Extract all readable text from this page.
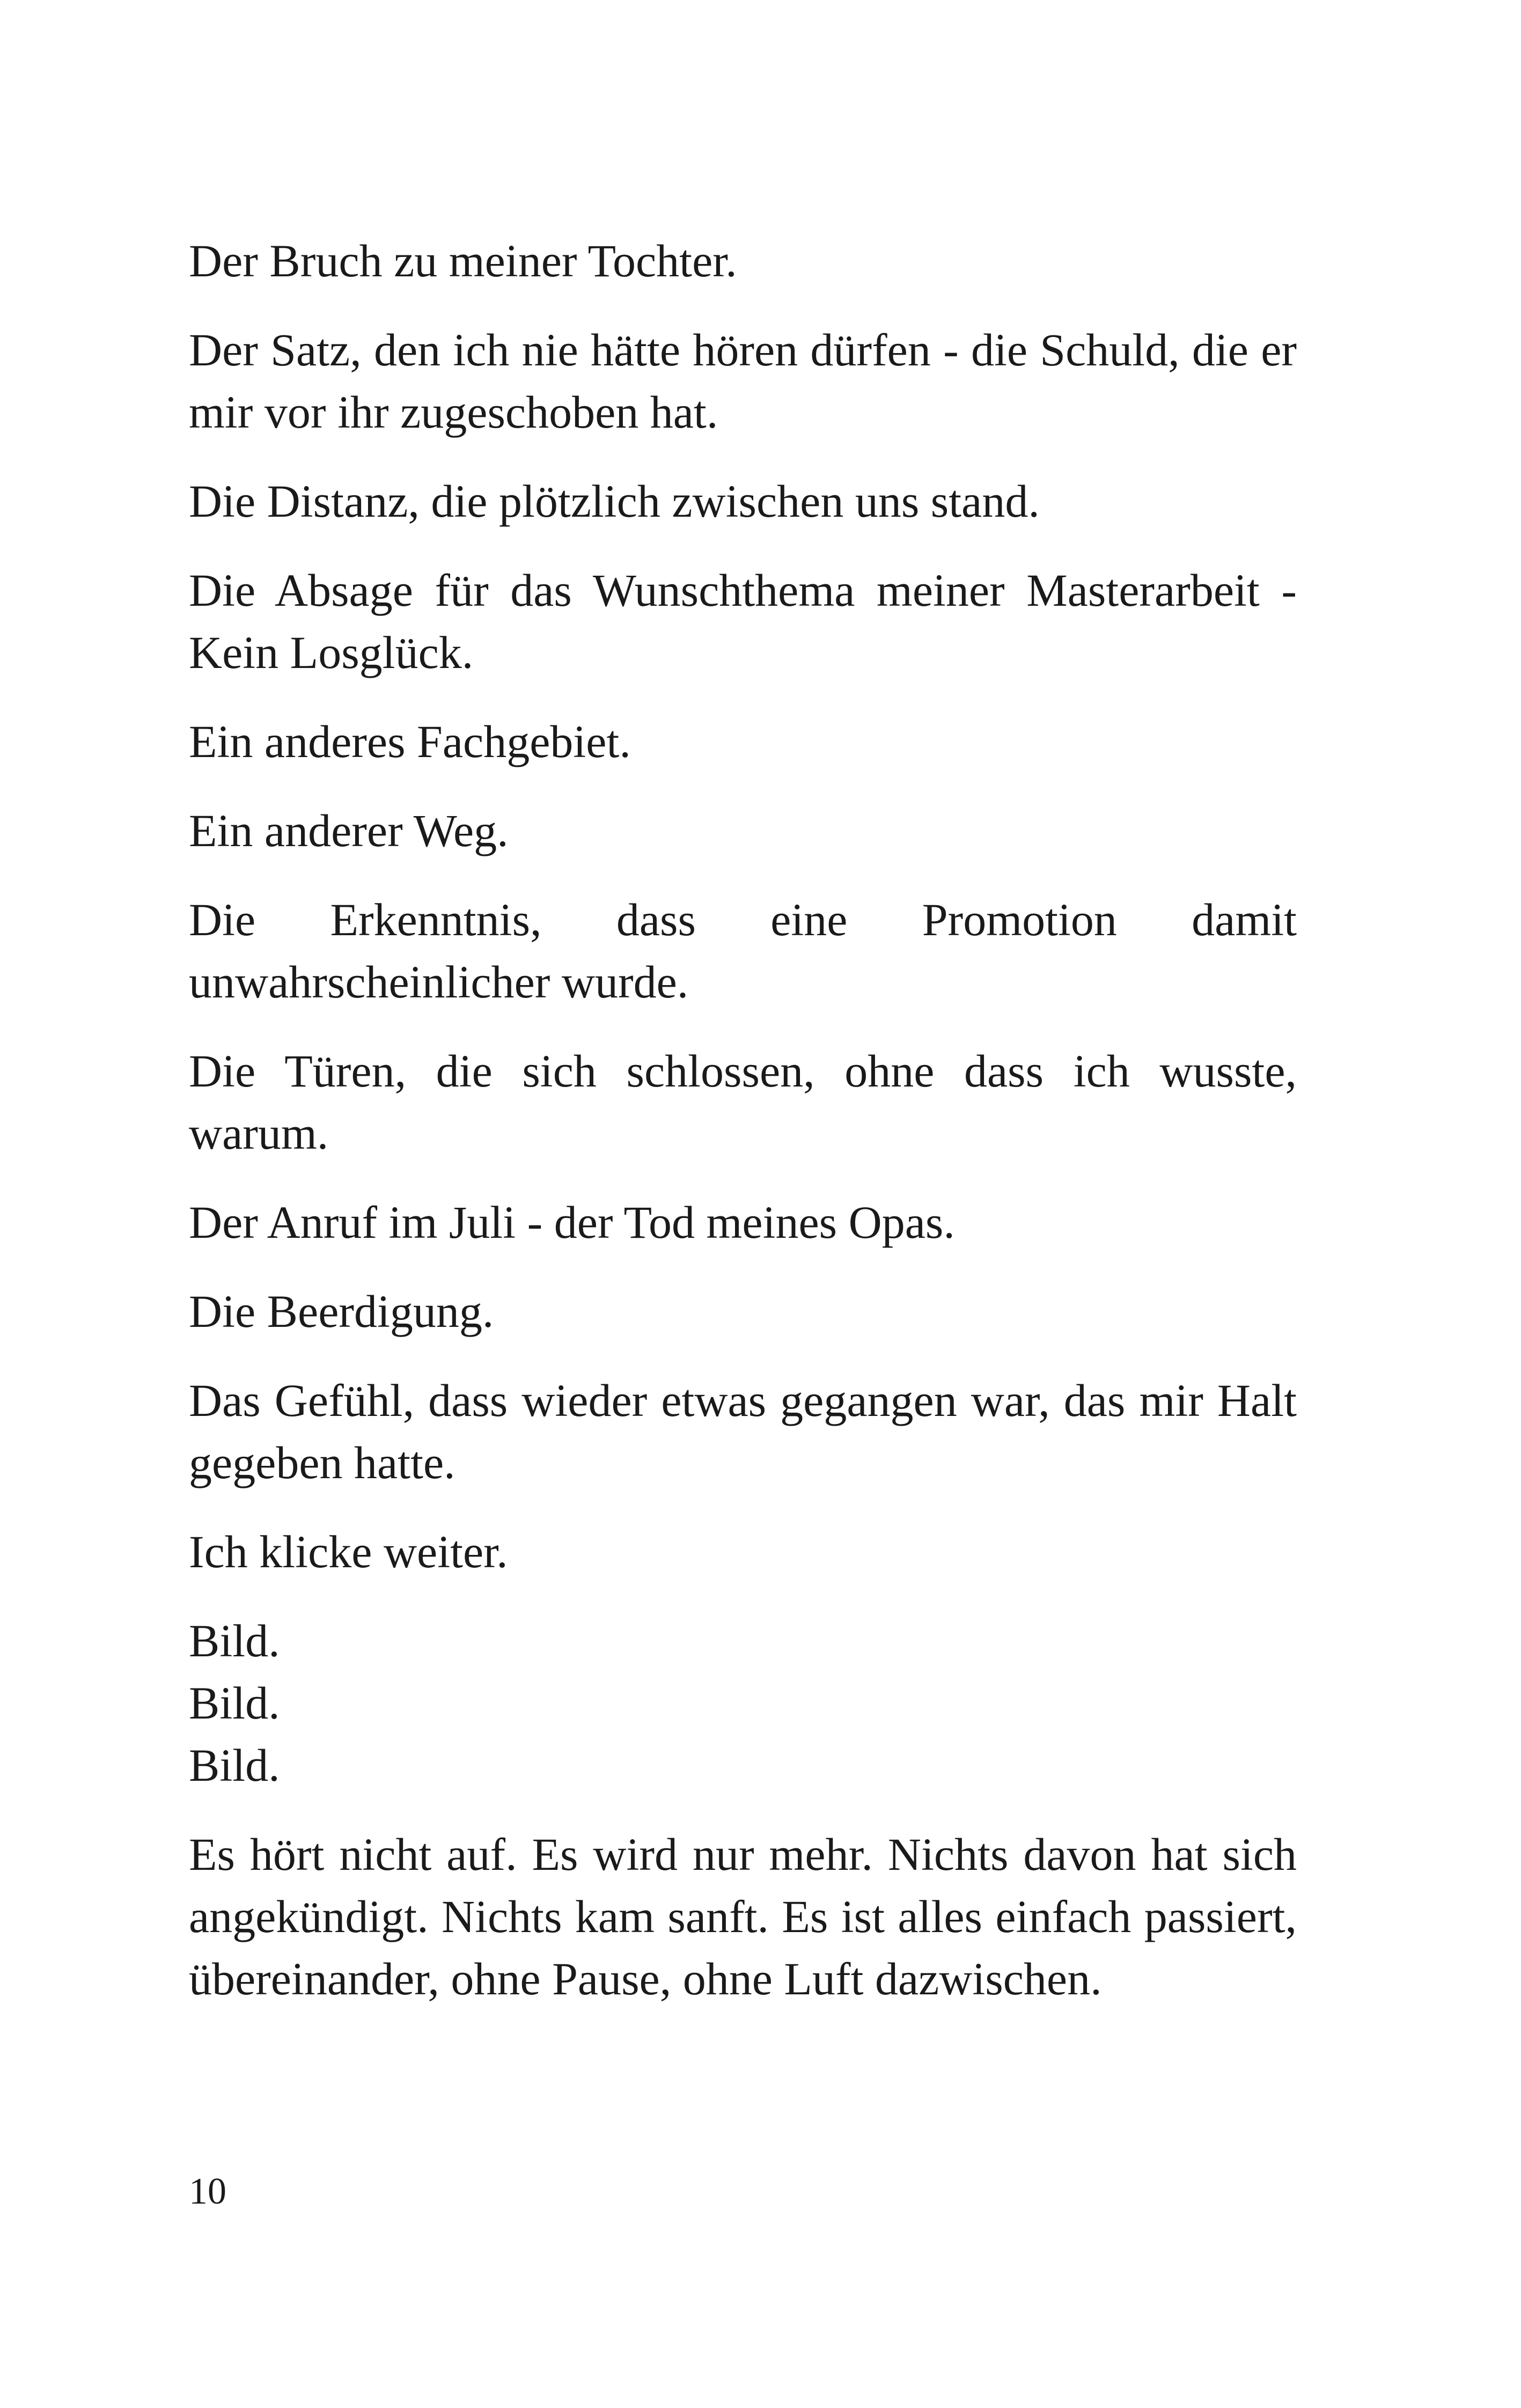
Der Bruch zu meiner Tochter.

Der Satz, den ich nie hätte hören dürfen - die Schuld, die er mir vor ihr zugeschoben hat.

Die Distanz, die plötzlich zwischen uns stand.

Die Absage für das Wunschthema meiner Masterarbeit - Kein Losglück.

Ein anderes Fachgebiet.

Ein anderer Weg.

Die Erkenntnis, dass eine Promotion damit unwahrscheinlicher wurde.

Die Türen, die sich schlossen, ohne dass ich wusste, warum.

Der Anruf im Juli - der Tod meines Opas.

Die Beerdigung.

Das Gefühl, dass wieder etwas gegangen war, das mir Halt gegeben hatte.

Ich klicke weiter.

Bild.

Bild.

Bild.

Es hört nicht auf. Es wird nur mehr. Nichts davon hat sich angekündigt. Nichts kam sanft. Es ist alles einfach passiert, übereinander, ohne Pause, ohne Luft dazwischen.

10
